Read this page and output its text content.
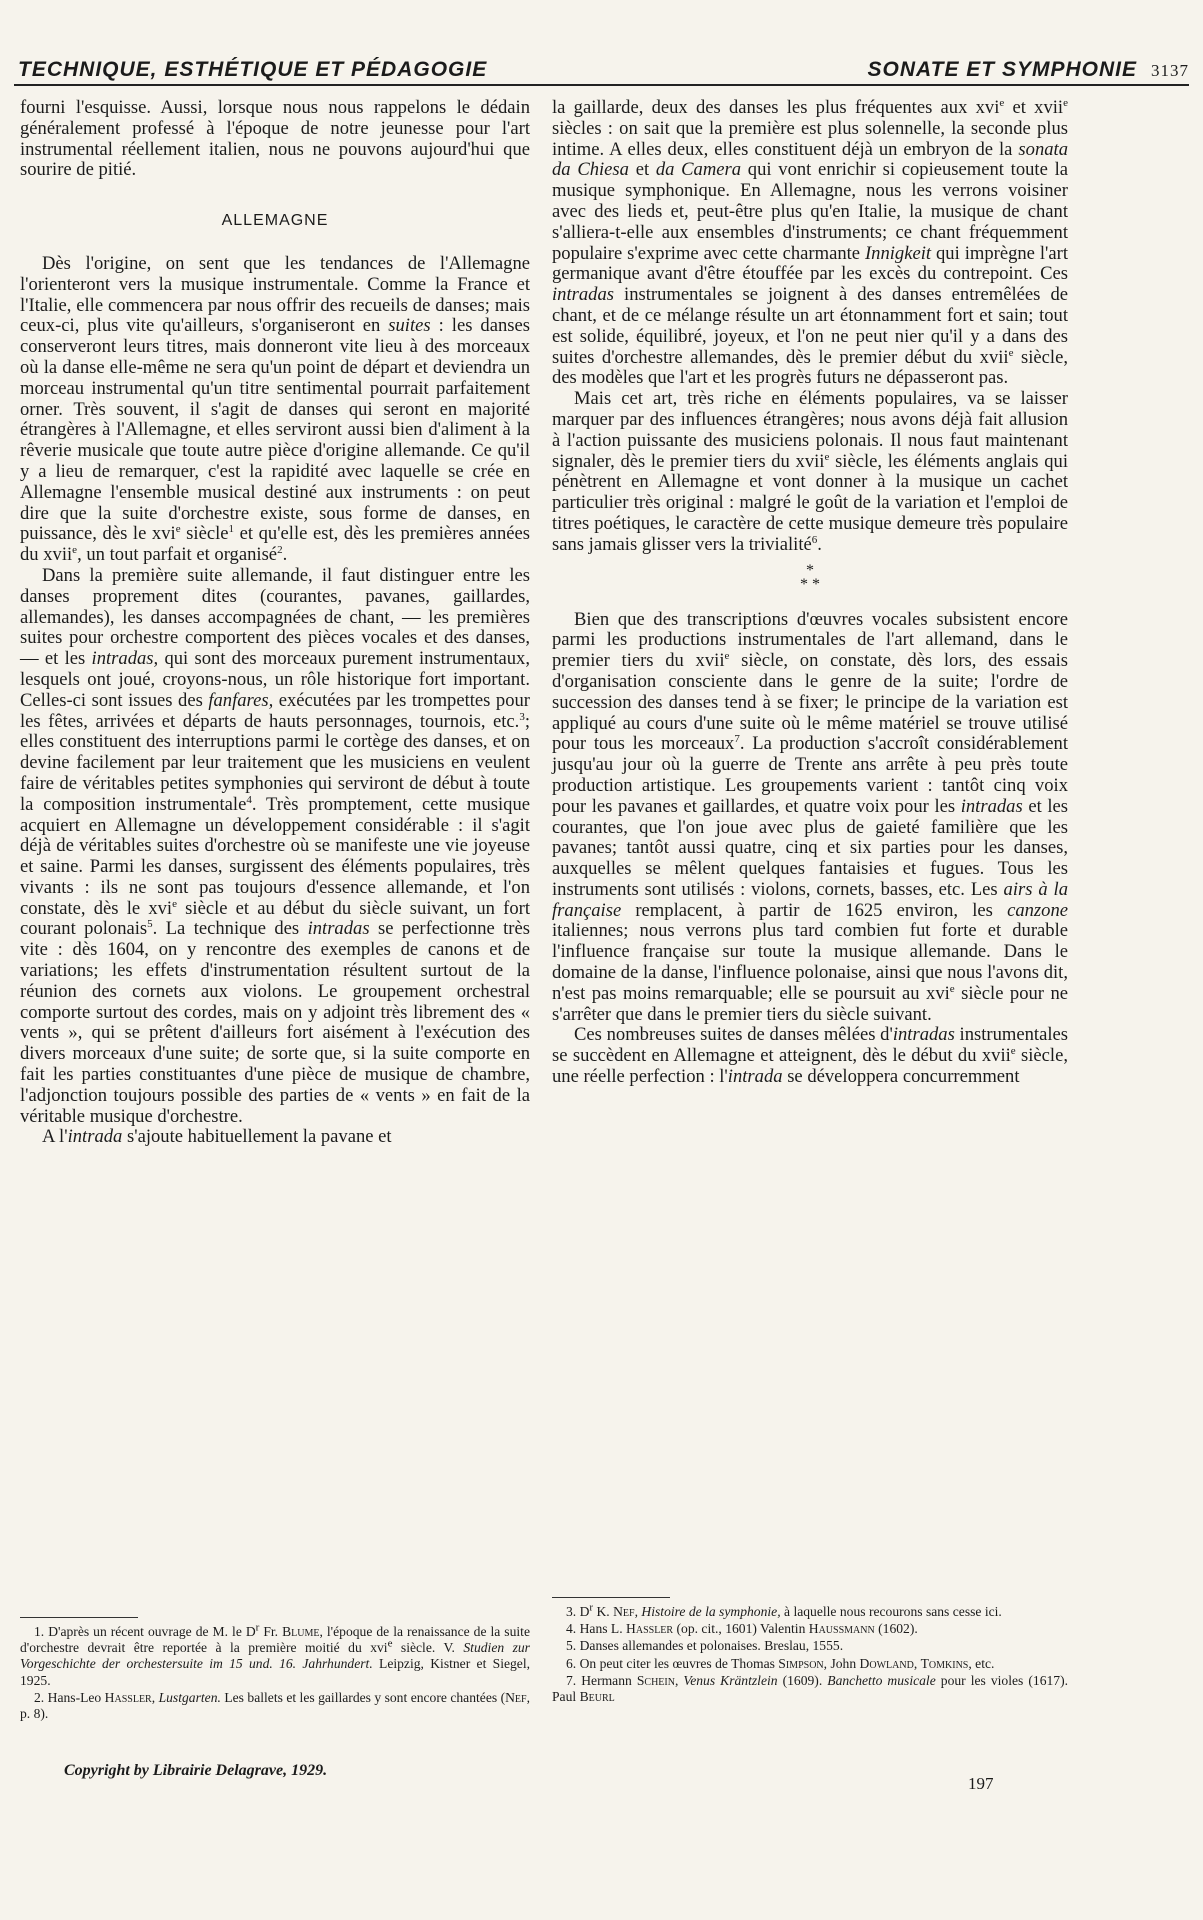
TECHNIQUE, ESTHÉTIQUE ET PÉDAGOGIE	SONATE ET SYMPHONIE 3137

fourni l'esquisse. Aussi, lorsque nous nous rappelons le dédain généralement professé à l'époque de notre jeunesse pour l'art instrumental réellement italien, nous ne pouvons aujourd'hui que sourire de pitié.

ALLEMAGNE

Dès l'origine, on sent que les tendances de l'Allemagne l'orienteront vers la musique instrumentale. Comme la France et l'Italie, elle commencera par nous offrir des recueils de danses; mais ceux-ci, plus vite qu'ailleurs, s'organiseront en suites : les danses conserveront leurs titres, mais donneront vite lieu à des morceaux où la danse elle-même ne sera qu'un point de départ et deviendra un morceau instrumental qu'un titre sentimental pourrait parfaitement orner. Très souvent, il s'agit de danses qui seront en majorité étrangères à l'Allemagne, et elles serviront aussi bien d'aliment à la rêverie musicale que toute autre pièce d'origine allemande. Ce qu'il y a lieu de remarquer, c'est la rapidité avec laquelle se crée en Allemagne l'ensemble musical destiné aux instruments : on peut dire que la suite d'orchestre existe, sous forme de danses, en puissance, dès le xvi$^e$ siècle$^1$ et qu'elle est, dès les premières années du xvii$^e$, un tout parfait et organisé$^2$.

Dans la première suite allemande, il faut distinguer entre les danses proprement dites (courantes, pavanes, gaillardes, allemandes), les danses accompagnées de chant, — les premières suites pour orchestre comportent des pièces vocales et des danses, — et les intradas, qui sont des morceaux purement instrumentaux, lesquels ont joué, croyons-nous, un rôle historique fort important. Celles-ci sont issues des fanfares, exécutées par les trompettes pour les fêtes, arrivées et départs de hauts personnages, tournois, etc.$^3$; elles constituent des interruptions parmi le cortège des danses, et on devine facilement par leur traitement que les musiciens en veulent faire de véritables petites symphonies qui serviront de début à toute la composition instrumentale$^4$. Très promptement, cette musique acquiert en Allemagne un développement considérable : il s'agit déjà de véritables suites d'orchestre où se manifeste une vie joyeuse et saine. Parmi les danses, surgissent des éléments populaires, très vivants : ils ne sont pas toujours d'essence allemande, et l'on constate, dès le xvi$^e$ siècle et au début du siècle suivant, un fort courant polonais$^5$. La technique des intradas se perfectionne très vite : dès 1604, on y rencontre des exemples de canons et de variations; les effets d'instrumentation résultent surtout de la réunion des cornets aux violons. Le groupement orchestral comporte surtout des cordes, mais on y adjoint très librement des « vents », qui se prêtent d'ailleurs fort aisément à l'exécution des divers morceaux d'une suite; de sorte que, si la suite comporte en fait les parties constituantes d'une pièce de musique de chambre, l'adjonction toujours possible des parties de « vents » en fait de la véritable musique d'orchestre.

A l'intrada s'ajoute habituellement la pavane et

la gaillarde, deux des danses les plus fréquentes aux xvi$^e$ et xvii$^e$ siècles : on sait que la première est plus solennelle, la seconde plus intime. A elles deux, elles constituent déjà un embryon de la sonata da Chiesa et da Camera qui vont enrichir si copieusement toute la musique symphonique. En Allemagne, nous les verrons voisiner avec des lieds et, peut-être plus qu'en Italie, la musique de chant s'alliera-t-elle aux ensembles d'instruments; ce chant fréquemment populaire s'exprime avec cette charmante Innigkeit qui imprègne l'art germanique avant d'être étouffée par les excès du contrepoint. Ces intradas instrumentales se joignent à des danses entremêlées de chant, et de ce mélange résulte un art étonnamment fort et sain; tout est solide, équilibré, joyeux, et l'on ne peut nier qu'il y a dans des suites d'orchestre allemandes, dès le premier début du xvii$^e$ siècle, des modèles que l'art et les progrès futurs ne dépasseront pas.

Mais cet art, très riche en éléments populaires, va se laisser marquer par des influences étrangères; nous avons déjà fait allusion à l'action puissante des musiciens polonais. Il nous faut maintenant signaler, dès le premier tiers du xvii$^e$ siècle, les éléments anglais qui pénètrent en Allemagne et vont donner à la musique un cachet particulier très original : malgré le goût de la variation et l'emploi de titres poétiques, le caractère de cette musique demeure très populaire sans jamais glisser vers la trivialité$^6$.

*
* *

Bien que des transcriptions d'œuvres vocales subsistent encore parmi les productions instrumentales de l'art allemand, dans le premier tiers du xvii$^e$ siècle, on constate, dès lors, des essais d'organisation consciente dans le genre de la suite; l'ordre de succession des danses tend à se fixer; le principe de la variation est appliqué au cours d'une suite où le même matériel se trouve utilisé pour tous les morceaux$^7$. La production s'accroît considérablement jusqu'au jour où la guerre de Trente ans arrête à peu près toute production artistique. Les groupements varient : tantôt cinq voix pour les pavanes et gaillardes, et quatre voix pour les intradas et les courantes, que l'on joue avec plus de gaieté familière que les pavanes; tantôt aussi quatre, cinq et six parties pour les danses, auxquelles se mêlent quelques fantaisies et fugues. Tous les instruments sont utilisés : violons, cornets, basses, etc. Les airs à la française remplacent, à partir de 1625 environ, les canzone italiennes; nous verrons plus tard combien fut forte et durable l'influence française sur toute la musique allemande. Dans le domaine de la danse, l'influence polonaise, ainsi que nous l'avons dit, n'est pas moins remarquable; elle se poursuit au xvi$^e$ siècle pour ne s'arrêter que dans le premier tiers du siècle suivant.

Ces nombreuses suites de danses mêlées d'intradas instrumentales se succèdent en Allemagne et atteignent, dès le début du xvii$^e$ siècle, une réelle perfection : l'intrada se développera concurremment

1. D'après un récent ouvrage de M. le $D^r$ Fr. Blume, l'époque de la renaissance de la suite d'orchestre devrait être reportée à la première moitié du xvi$^e$ siècle. V. Studien zur Vorgeschichte der orchestersuite im 15 und. 16. Jahrhundert. Leipzig, Kistner et Siegel, 1925.

2. Hans-Leo Hassler, Lustgarten. Les ballets et les gaillardes y sont encore chantées (Nef, p. 8).

3. $D^r$ K. Nef, Histoire de la symphonie, à laquelle nous recourons sans cesse ici.

4. Hans L. Hassler (op. cit., 1601) Valentin Haussmann (1602).

5. Danses allemandes et polonaises. Breslau, 1555.

6. On peut citer les œuvres de Thomas Simpson, John Dowland, Tomkins, etc.

7. Hermann Schein, Venus Kräntzlein (1609). Banchetto musicale pour les violes (1617). Paul Beurl

Copyright by Librairie Delagrave, 1929.
197
